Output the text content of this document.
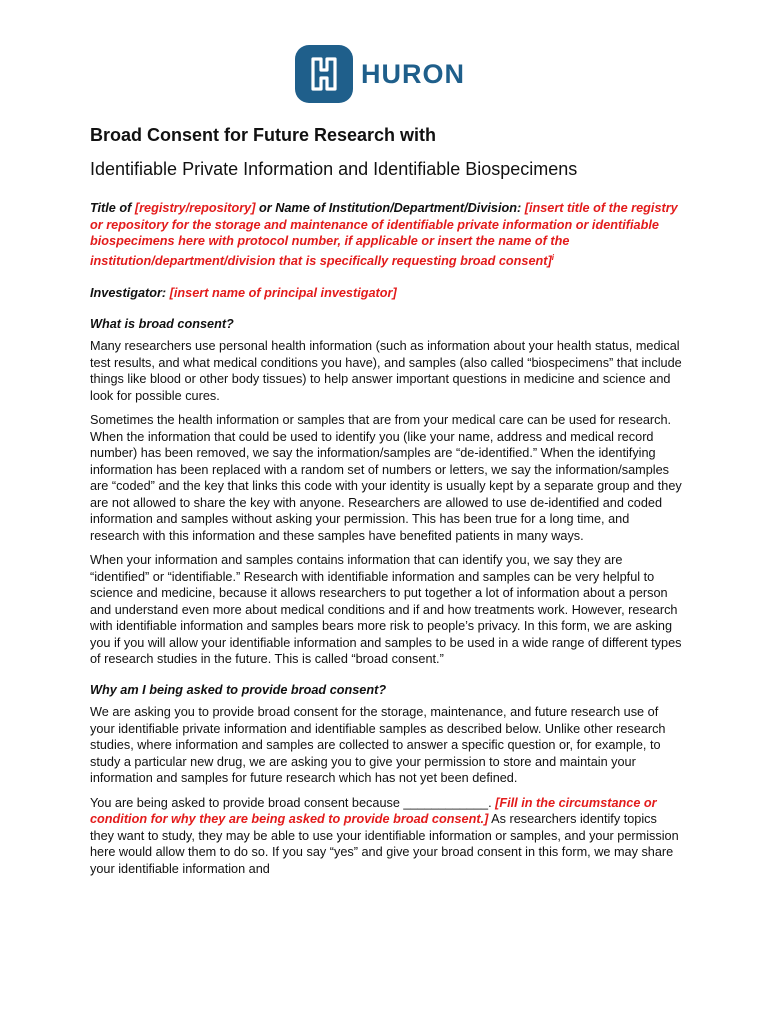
HURON
Broad Consent for Future Research with
Identifiable Private Information and Identifiable Biospecimens

Title of [registry/repository] or Name of Institution/Department/Division: [insert title of the registry or repository for the storage and maintenance of identifiable private information or identifiable biospecimens here with protocol number, if applicable or insert the name of the institution/department/division that is specifically requesting broad consent]$^i$

Investigator: [insert name of principal investigator]

What is broad consent?

Many researchers use personal health information (such as information about your health status, medical test results, and what medical conditions you have), and samples (also called “biospecimens” that include things like blood or other body tissues) to help answer important questions in medicine and science and look for possible cures.

Sometimes the health information or samples that are from your medical care can be used for research. When the information that could be used to identify you (like your name, address and medical record number) has been removed, we say the information/samples are “de-identified.” When the identifying information has been replaced with a random set of numbers or letters, we say the information/samples are “coded” and the key that links this code with your identity is usually kept by a separate group and they are not allowed to share the key with anyone. Researchers are allowed to use de-identified and coded information and samples without asking your permission. This has been true for a long time, and research with this information and these samples have benefited patients in many ways.

When your information and samples contains information that can identify you, we say they are “identified” or “identifiable.” Research with identifiable information and samples can be very helpful to science and medicine, because it allows researchers to put together a lot of information about a person and understand even more about medical conditions and if and how treatments work. However, research with identifiable information and samples bears more risk to people’s privacy. In this form, we are asking you if you will allow your identifiable information and samples to be used in a wide range of different types of research studies in the future. This is called “broad consent.”

Why am I being asked to provide broad consent?

We are asking you to provide broad consent for the storage, maintenance, and future research use of your identifiable private information and identifiable samples as described below. Unlike other research studies, where information and samples are collected to answer a specific question or, for example, to study a particular new drug, we are asking you to give your permission to store and maintain your information and samples for future research which has not yet been defined.

You are being asked to provide broad consent because ____________. [Fill in the circumstance or condition for why they are being asked to provide broad consent.] As researchers identify topics they want to study, they may be able to use your identifiable information or samples, and your permission here would allow them to do so. If you say “yes” and give your broad consent in this form, we may share your identifiable information and
